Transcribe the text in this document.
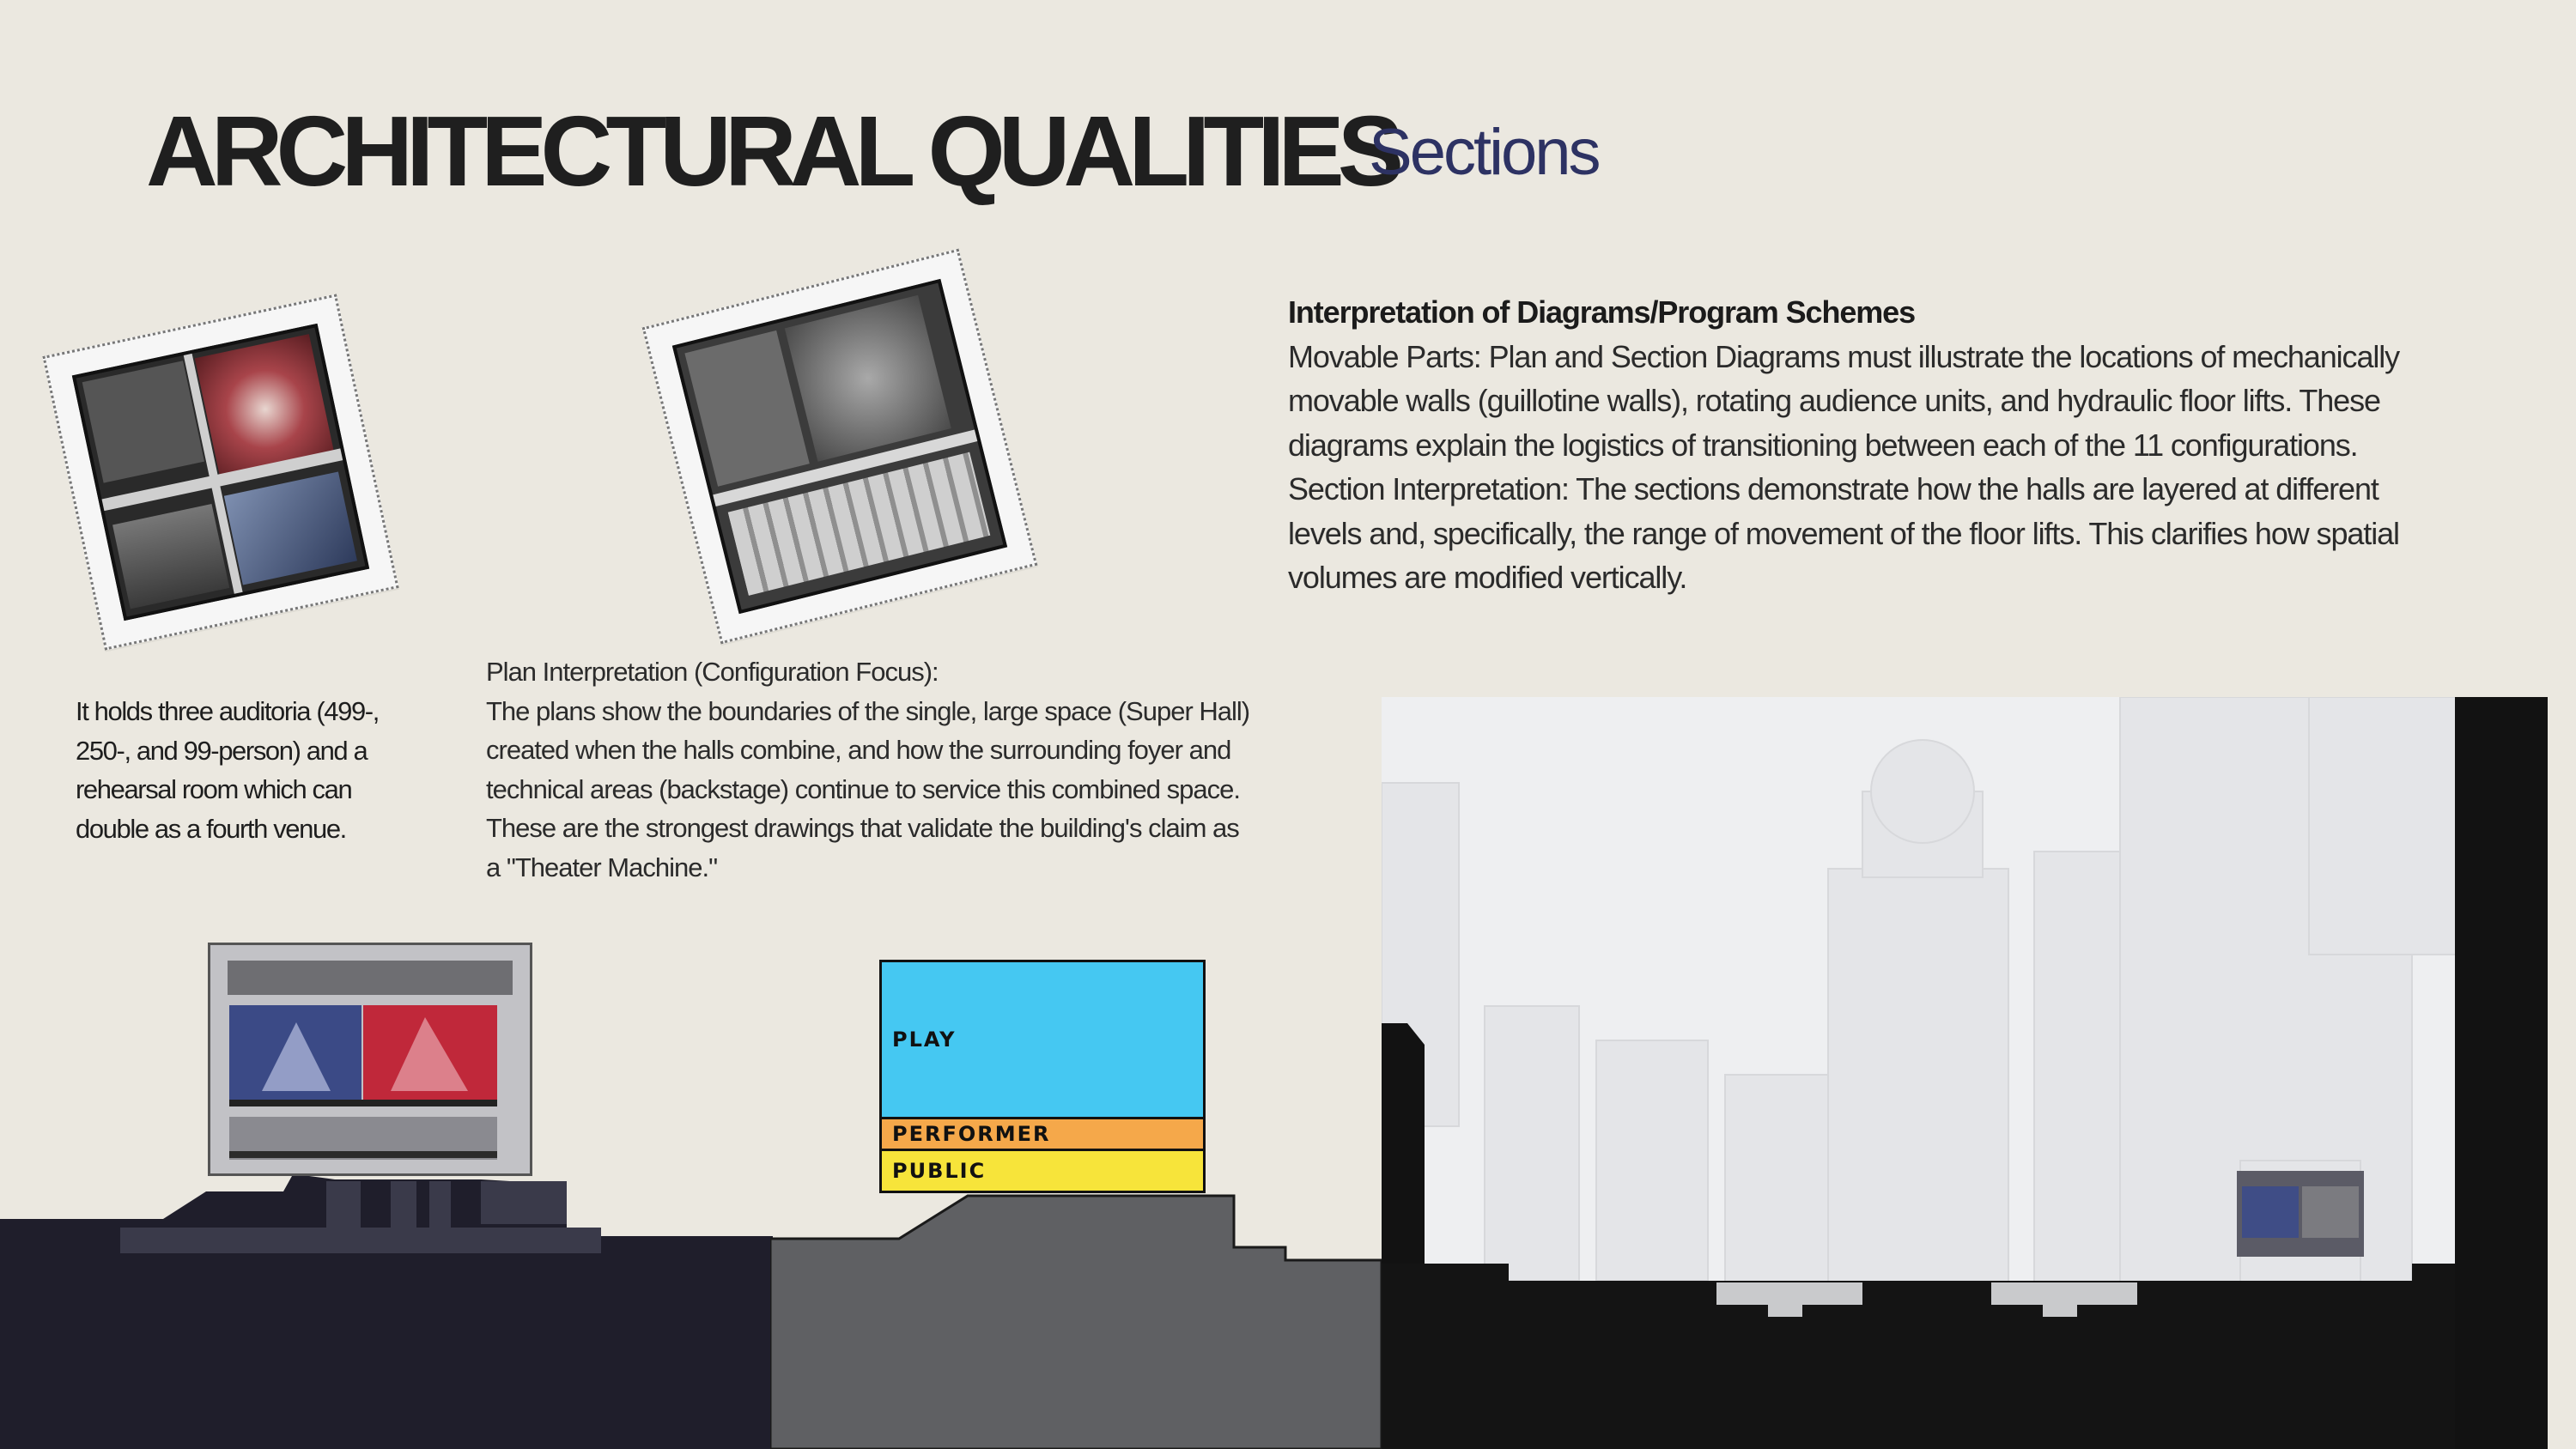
ARCHITECTURAL QUALITIES
Sections
Interpretation of Diagrams/Program Schemes
Movable Parts: Plan and Section Diagrams must illustrate the locations of mechanically
movable walls (guillotine walls), rotating audience units, and hydraulic floor lifts. These
diagrams explain the logistics of transitioning between each of the 11 configurations.
Section Interpretation: The sections demonstrate how the halls are layered at different
levels and, specifically, the range of movement of the floor lifts. This clarifies how spatial
volumes are modified vertically.
Plan Interpretation (Configuration Focus):
The plans show the boundaries of the single, large space (Super Hall)
created when the halls combine, and how the surrounding foyer and
technical areas (backstage) continue to service this combined space.
These are the strongest drawings that validate the building's claim as
a "Theater Machine."
It holds three auditoria (499-,
250-, and 99-person) and a
rehearsal room which can
double as a fourth venue.
PLAY
PERFORMER
PUBLIC
